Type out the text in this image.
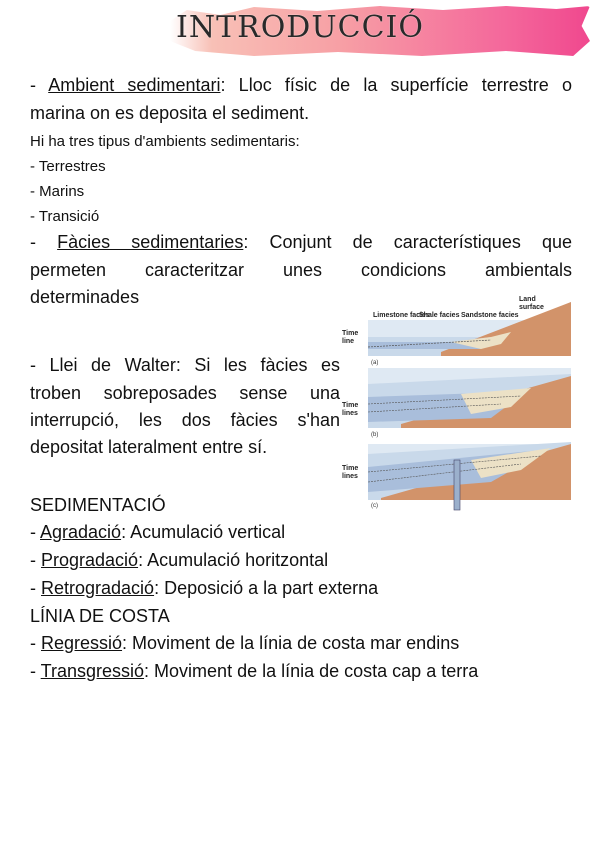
INTRODUCCIÓ
- Ambient sedimentari: Lloc físic de la superfície terrestre o
marina on es deposita el sediment.
Hi ha tres tipus d'ambients sedimentaris:
- Terrestres
- Marins
- Transició
- Fàcies sedimentaries: Conjunt de característiques que
permeten caracteritzar unes condicions ambientals
determinades
- Llei de Walter: Si les fàcies es
troben sobreposades sense una
interrupció, les dos fàcies s'han
depositat lateralment entre sí.
Limestone facies
Shale facies Sandstone facies
Land surface
Time line
Time lines
Time lines
(a)
(b)
(c)
SEDIMENTACIÓ
- Agradació: Acumulació vertical
- Progradació: Acumulació horitzontal
- Retrogradació: Deposició a la part externa
LÍNIA DE COSTA
- Regressió: Moviment de la línia de costa mar endins
- Transgressió: Moviment de la línia de costa cap a terra
